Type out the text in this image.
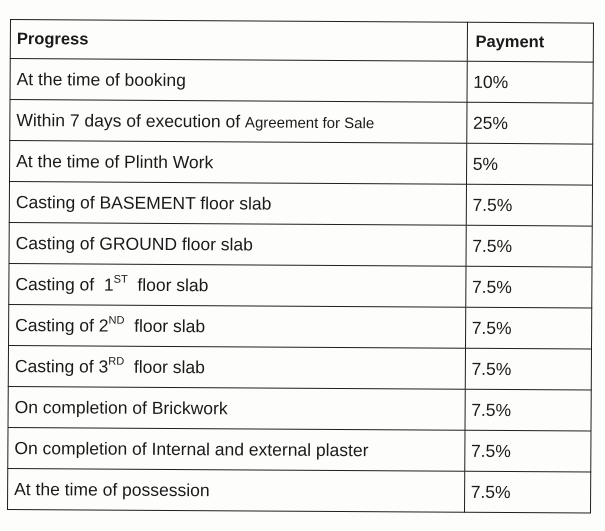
Progress	Payment
At the time of booking	10%
Within 7 days of execution of Agreement for Sale	25%
At the time of Plinth Work	5%
Casting of BASEMENT floor slab	7.5%
Casting of GROUND floor slab	7.5%
Casting of  1ST  floor slab	7.5%
Casting of 2ND  floor slab	7.5%
Casting of 3RD  floor slab	7.5%
On completion of Brickwork	7.5%
On completion of Internal and external plaster	7.5%
At the time of possession	7.5%
